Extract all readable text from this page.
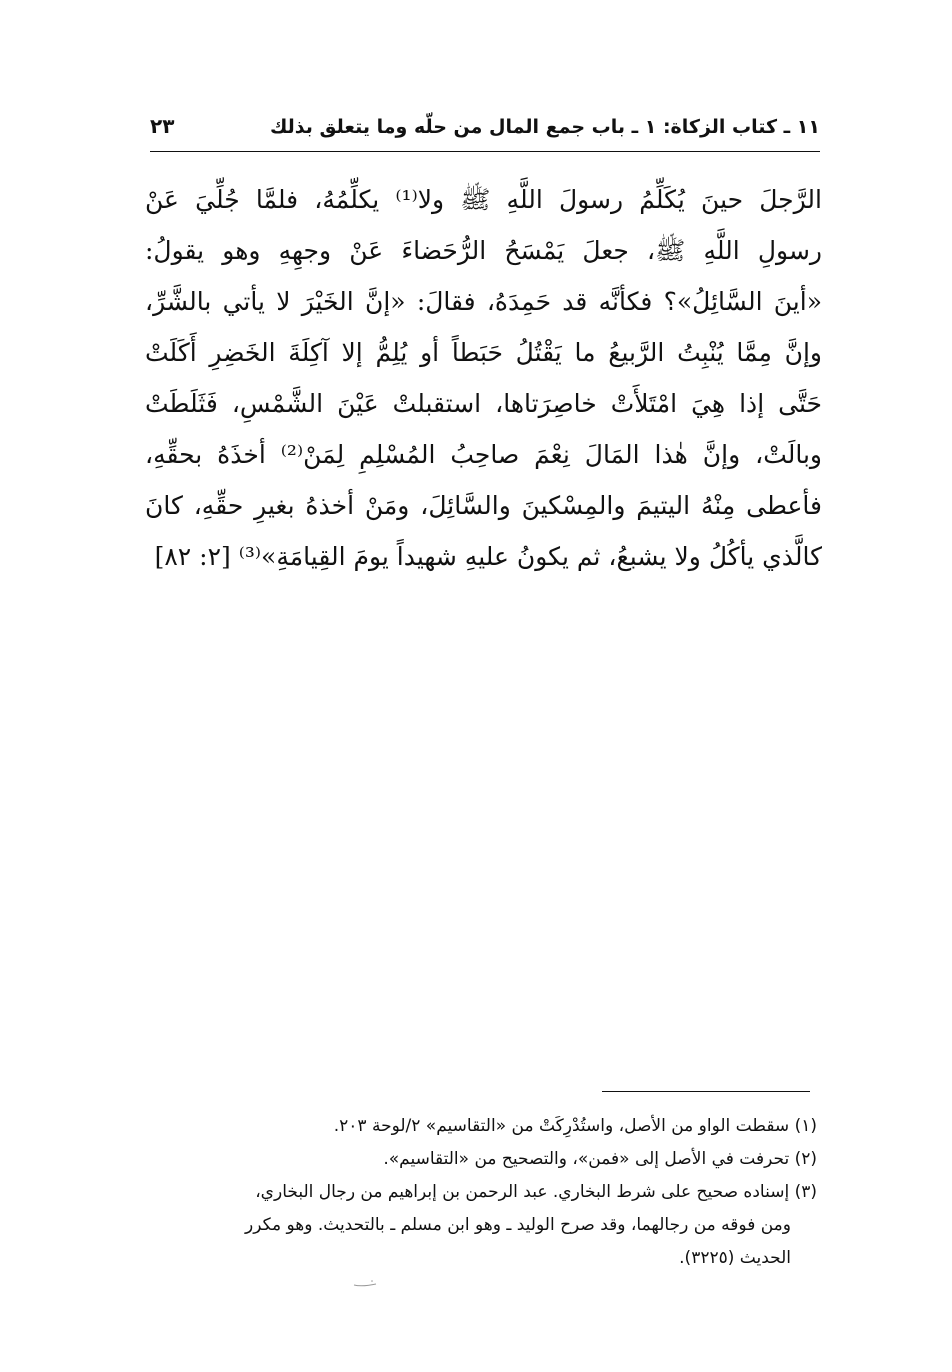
١١ ـ كتاب الزكاة: ١ ـ باب جمع المال من حلّه وما يتعلق بذلك
٢٣
الرَّجلَ حينَ يُكَلِّمُ رسولَ اللَّهِ ﷺ ولا⁽¹⁾ يكلِّمُهُ، فلمَّا جُلِّيَ عَنْ
رسولِ اللَّهِ ﷺ، جعلَ يَمْسَحُ الرُّحَضاءَ عَنْ وجهِهِ وهو يقولُ:
«أينَ السَّائِلُ»؟ فكأنَّه قد حَمِدَهُ، فقالَ: «إنَّ الخَيْرَ لا يأتي بالشَّرِّ،
وإنَّ مِمَّا يُنْبِتُ الرَّبيعُ ما يَقْتُلُ حَبَطاً أو يُلِمُّ إلا آكِلَةَ الخَضِرِ أَكَلَتْ
حَتَّى إذا هِيَ امْتَلأَتْ خاصِرَتاها، استقبلتْ عَيْنَ الشَّمْسِ، فَثَلَطَتْ
وبالَتْ، وإنَّ هٰذا المَالَ نِعْمَ صاحِبُ المُسْلِمِ لِمَنْ⁽²⁾ أخذَهُ بحقِّهِ،
فأعطى مِنْهُ اليتيمَ والمِسْكينَ والسَّائِلَ، ومَنْ أخذهُ بغيرِ حقِّهِ، كانَ
كالَّذي يأكُلُ ولا يشبعُ، ثم يكونُ عليهِ شهيداً يومَ القِيامَةِ»⁽³⁾ [٢: ٨٢]
(١) سقطت الواو من الأصل، واستُدْرِكَتْ من «التقاسيم» ٢/لوحة ٢٠٣.
(٢) تحرفت في الأصل إلى «فمن»، والتصحيح من «التقاسيم».
(٣) إسناده صحيح على شرط البخاري. عبد الرحمن بن إبراهيم من رجال البخاري،
ومن فوقه من رجالهما، وقد صرح الوليد ـ وهو ابن مسلم ـ بالتحديث. وهو مكرر
الحديث (٣٢٢٥).
